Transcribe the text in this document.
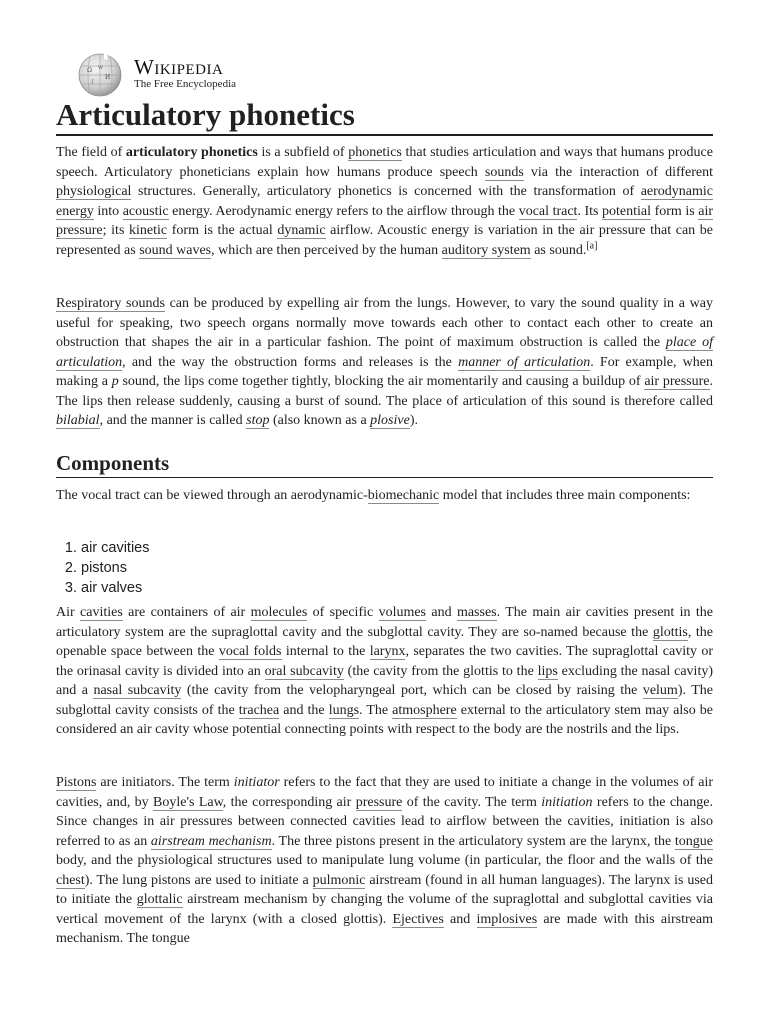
Ω W
И
∫
Wikipedia
The Free Encyclopedia
Articulatory phonetics

The field of articulatory phonetics is a subfield of phonetics that studies articulation and ways that humans produce speech. Articulatory phoneticians explain how humans produce speech sounds via the interaction of different physiological structures. Generally, articulatory phonetics is concerned with the transformation of aerodynamic energy into acoustic energy. Aerodynamic energy refers to the airflow through the vocal tract. Its potential form is air pressure; its kinetic form is the actual dynamic airflow. Acoustic energy is variation in the air pressure that can be represented as sound waves, which are then perceived by the human auditory system as sound.[a]

Respiratory sounds can be produced by expelling air from the lungs. However, to vary the sound quality in a way useful for speaking, two speech organs normally move towards each other to contact each other to create an obstruction that shapes the air in a particular fashion. The point of maximum obstruction is called the place of articulation, and the way the obstruction forms and releases is the manner of articulation. For example, when making a p sound, the lips come together tightly, blocking the air momentarily and causing a buildup of air pressure. The lips then release suddenly, causing a burst of sound. The place of articulation of this sound is therefore called bilabial, and the manner is called stop (also known as a plosive).

Components

The vocal tract can be viewed through an aerodynamic-biomechanic model that includes three main components:

1. air cavities
2. pistons
3. air valves

Air cavities are containers of air molecules of specific volumes and masses. The main air cavities present in the articulatory system are the supraglottal cavity and the subglottal cavity. They are so-named because the glottis, the openable space between the vocal folds internal to the larynx, separates the two cavities. The supraglottal cavity or the orinasal cavity is divided into an oral subcavity (the cavity from the glottis to the lips excluding the nasal cavity) and a nasal subcavity (the cavity from the velopharyngeal port, which can be closed by raising the velum). The subglottal cavity consists of the trachea and the lungs. The atmosphere external to the articulatory stem may also be considered an air cavity whose potential connecting points with respect to the body are the nostrils and the lips.

Pistons are initiators. The term initiator refers to the fact that they are used to initiate a change in the volumes of air cavities, and, by Boyle's Law, the corresponding air pressure of the cavity. The term initiation refers to the change. Since changes in air pressures between connected cavities lead to airflow between the cavities, initiation is also referred to as an airstream mechanism. The three pistons present in the articulatory system are the larynx, the tongue body, and the physiological structures used to manipulate lung volume (in particular, the floor and the walls of the chest). The lung pistons are used to initiate a pulmonic airstream (found in all human languages). The larynx is used to initiate the glottalic airstream mechanism by changing the volume of the supraglottal and subglottal cavities via vertical movement of the larynx (with a closed glottis). Ejectives and implosives are made with this airstream mechanism. The tongue
